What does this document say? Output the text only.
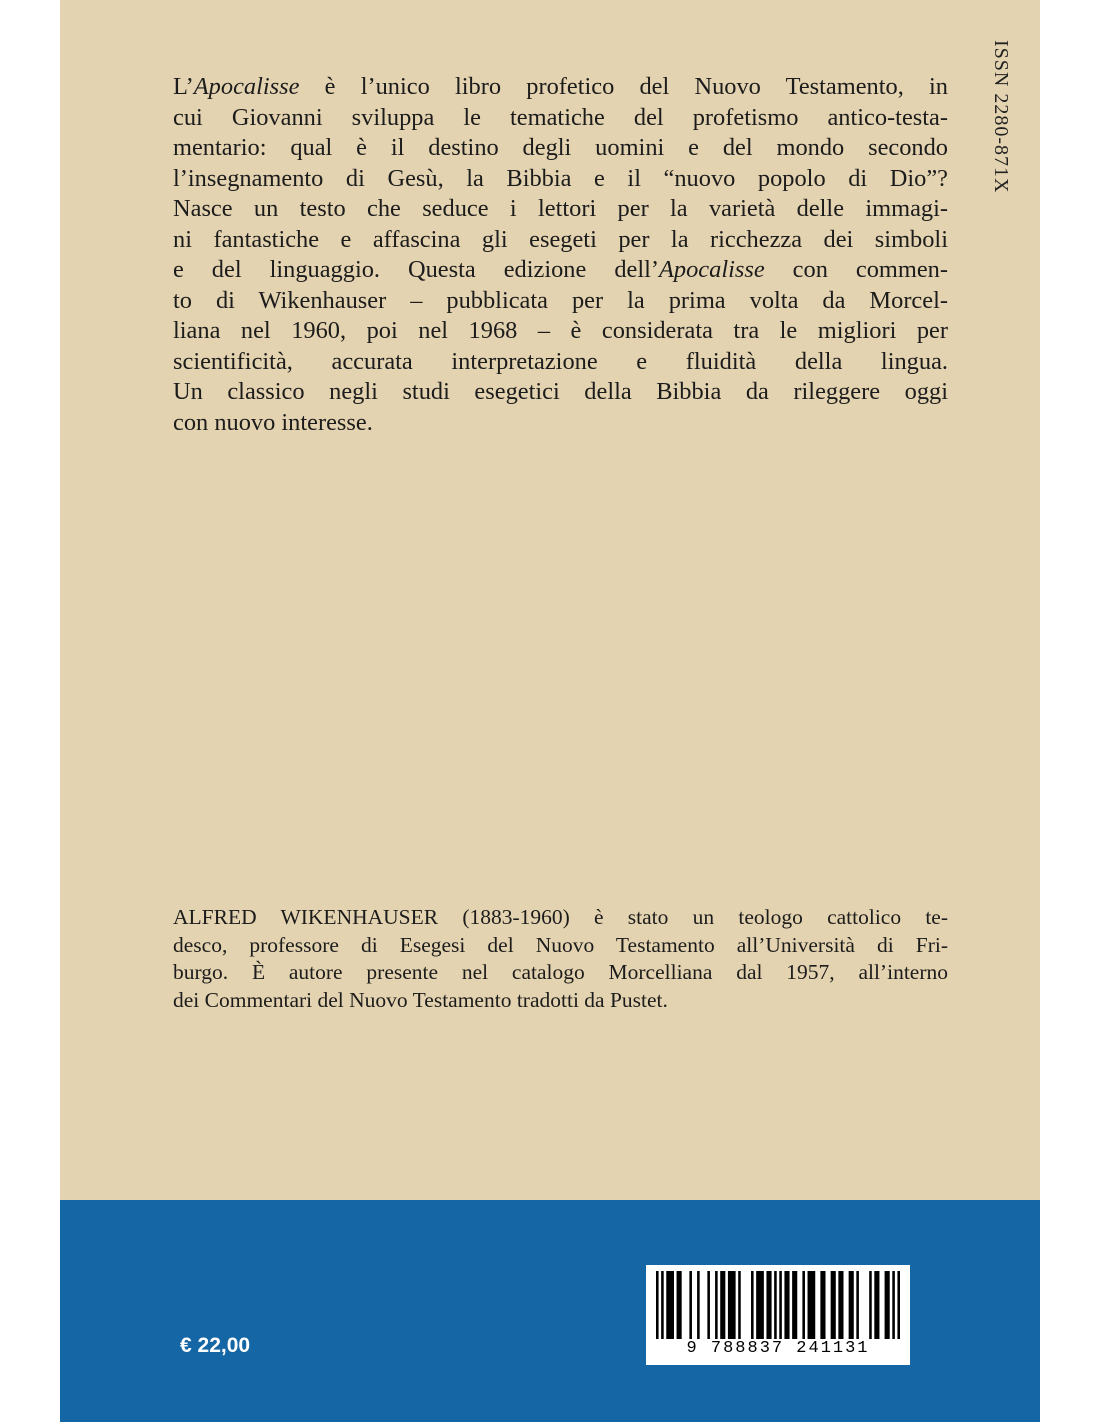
ISSN 2280-871X

L’Apocalisse è l’unico libro profetico del Nuovo Testamento, in

cui Giovanni sviluppa le tematiche del profetismo antico-testa-

mentario: qual è il destino degli uomini e del mondo secondo

l’insegnamento di Gesù, la Bibbia e il “nuovo popolo di Dio”?

Nasce un testo che seduce i lettori per la varietà delle immagi-

ni fantastiche e affascina gli esegeti per la ricchezza dei simboli

e del linguaggio. Questa edizione dell’Apocalisse con commen-

to di Wikenhauser – pubblicata per la prima volta da Morcel-

liana nel 1960, poi nel 1968 – è considerata tra le migliori per

scientificità, accurata interpretazione e fluidità della lingua.

Un classico negli studi esegetici della Bibbia da rileggere oggi

con nuovo interesse.

ALFRED WIKENHAUSER (1883-1960) è stato un teologo cattolico te-
desco, professore di Esegesi del Nuovo Testamento all’Università di Fri-
burgo. È autore presente nel catalogo Morcelliana dal 1957, all’interno
dei Commentari del Nuovo Testamento tradotti da Pustet.

€ 22,00	9 788837 241131
